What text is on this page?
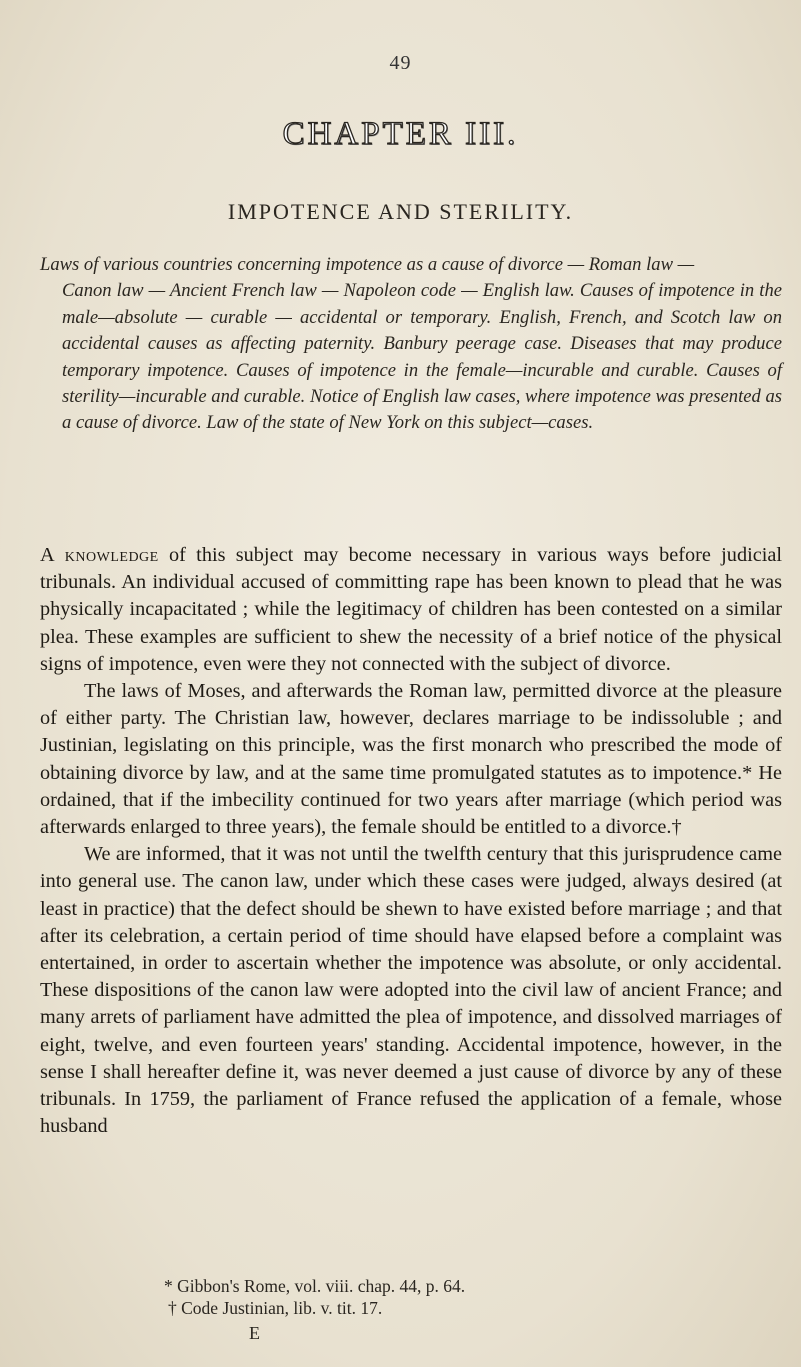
49
CHAPTER III.
IMPOTENCE AND STERILITY.
Laws of various countries concerning impotence as a cause of divorce — Roman law —
Canon law — Ancient French law — Napoleon code — English law. Causes of impotence in the male—absolute — curable — accidental or temporary. English, French, and Scotch law on accidental causes as affecting paternity. Banbury peerage case. Diseases that may produce temporary impotence. Causes of impotence in the female—incurable and curable. Causes of sterility—incurable and curable. Notice of English law cases, where impotence was presented as a cause of divorce. Law of the state of New York on this subject—cases.

A knowledge of this subject may become necessary in various ways before judicial tribunals. An individual accused of committing rape has been known to plead that he was physically incapacitated ; while the legitimacy of children has been contested on a similar plea. These examples are sufficient to shew the necessity of a brief notice of the physical signs of impotence, even were they not connected with the subject of divorce.

The laws of Moses, and afterwards the Roman law, permitted divorce at the pleasure of either party. The Christian law, however, declares marriage to be indissoluble ; and Justinian, legislating on this principle, was the first monarch who prescribed the mode of obtaining divorce by law, and at the same time promulgated statutes as to impotence.* He ordained, that if the imbecility continued for two years after marriage (which period was afterwards enlarged to three years), the female should be entitled to a divorce.†

We are informed, that it was not until the twelfth century that this jurisprudence came into general use. The canon law, under which these cases were judged, always desired (at least in practice) that the defect should be shewn to have existed before marriage ; and that after its celebration, a certain period of time should have elapsed before a complaint was entertained, in order to ascertain whether the impotence was absolute, or only accidental. These dispositions of the canon law were adopted into the civil law of ancient France; and many arrets of parliament have admitted the plea of impotence, and dissolved marriages of eight, twelve, and even fourteen years' standing. Accidental impotence, however, in the sense I shall hereafter define it, was never deemed a just cause of divorce by any of these tribunals. In 1759, the parliament of France refused the application of a female, whose husband

* Gibbon's Rome, vol. viii. chap. 44, p. 64.
† Code Justinian, lib. v. tit. 17.
E
